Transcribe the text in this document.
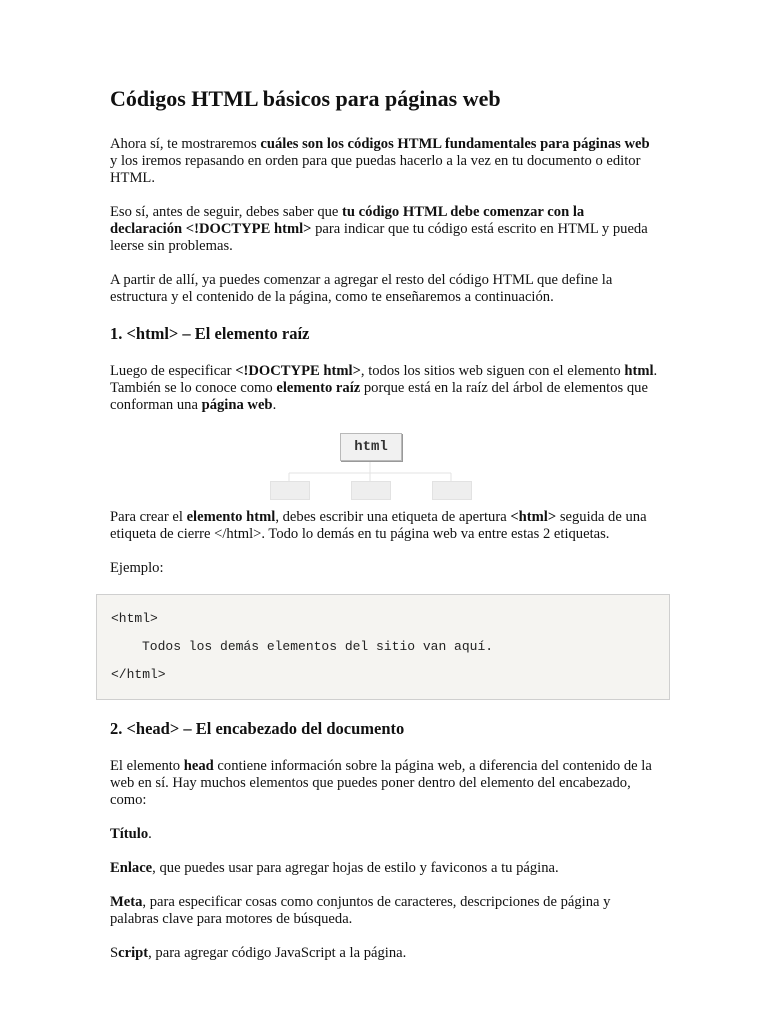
Códigos HTML básicos para páginas web

Ahora sí, te mostraremos cuáles son los códigos HTML fundamentales para páginas web y los iremos repasando en orden para que puedas hacerlo a la vez en tu documento o editor HTML.

Eso sí, antes de seguir, debes saber que tu código HTML debe comenzar con la declaración <!DOCTYPE html> para indicar que tu código está escrito en HTML y pueda leerse sin problemas.

A partir de allí, ya puedes comenzar a agregar el resto del código HTML que define la estructura y el contenido de la página, como te enseñaremos a continuación.

1. <html> – El elemento raíz

Luego de especificar <!DOCTYPE html>, todos los sitios web siguen con el elemento html. También se lo conoce como elemento raíz porque está en la raíz del árbol de elementos que conforman una página web.

html

Para crear el elemento html, debes escribir una etiqueta de apertura <html> seguida de una etiqueta de cierre </html>. Todo lo demás en tu página web va entre estas 2 etiquetas.

Ejemplo:

<html>
Todos los demás elementos del sitio van aquí.
</html>
2. <head> – El encabezado del documento

El elemento head contiene información sobre la página web, a diferencia del contenido de la web en sí. Hay muchos elementos que puedes poner dentro del elemento del encabezado, como:

Título.

Enlace, que puedes usar para agregar hojas de estilo y faviconos a tu página.

Meta, para especificar cosas como conjuntos de caracteres, descripciones de página y palabras clave para motores de búsqueda.

Script, para agregar código JavaScript a la página.
